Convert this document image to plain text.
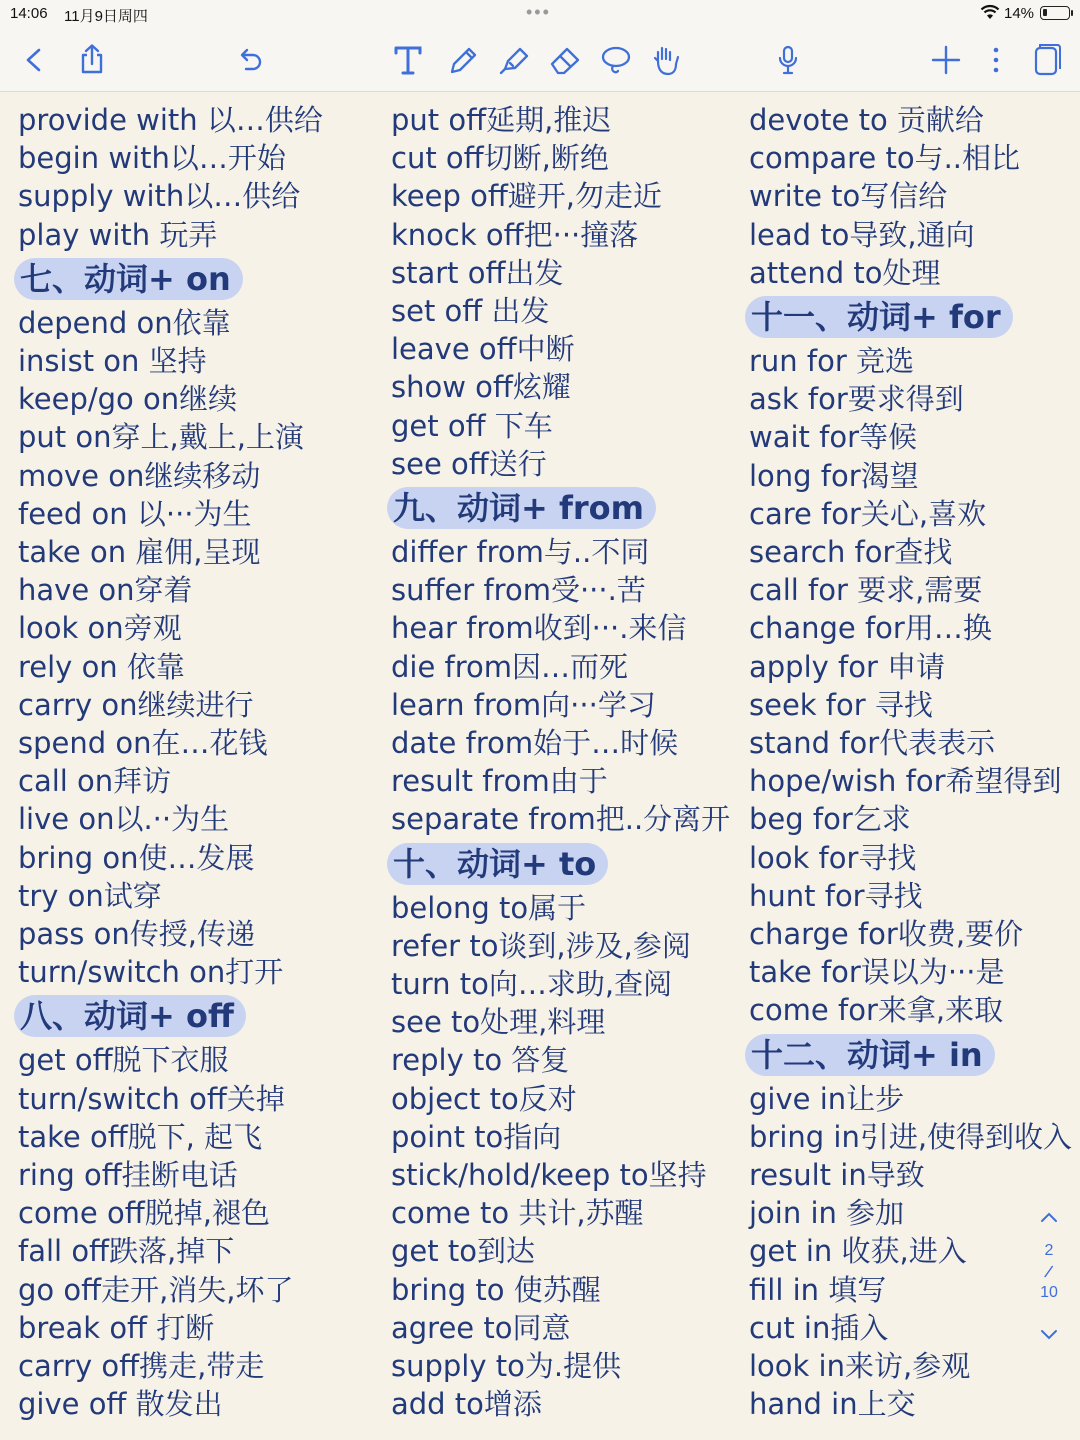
14:06 11月9日周四	•••	14%
provide with 以…供给
begin with以…开始
supply with以…供给
play with 玩弄
七、动词+ on
depend on依靠
insist on 坚持
keep/go on继续
put on穿上,戴上,上演
move on继续移动
feed on 以···为生
take on 雇佣,呈现
have on穿着
look on旁观
rely on 依靠
carry on继续进行
spend on在…花钱
call on拜访
live on以.··为生
bring on使…发展
try on试穿
pass on传授,传递
turn/switch on打开
八、动词+ off
get off脱下衣服
turn/switch off关掉
take off脱下, 起飞
ring off挂断电话
come off脱掉,褪色
fall off跌落,掉下
go off走开,消失,坏了
break off 打断
carry off携走,带走
give off 散发出
put off延期,推迟
cut off切断,断绝
keep off避开,勿走近
knock off把···撞落
start off出发
set off 出发
leave off中断
show off炫耀
get off 下车
see off送行
九、动词+ from
differ from与..不同
suffer from受···.苦
hear from收到···.来信
die from因…而死
learn from向···学习
date from始于…时候
result from由于
separate from把..分离开
十、动词+ to
belong to属于
refer to谈到,涉及,参阅
turn to向…求助,查阅
see to处理,料理
reply to 答复
object to反对
point to指向
stick/hold/keep to坚持
come to 共计,苏醒
get to到达
bring to 使苏醒
agree to同意
supply to为.提供
add to增添
devote to 贡献给
compare to与..相比
write to写信给
lead to导致,通向
attend to处理
十一、动词+ for
run for 竞选
ask for要求得到
wait for等候
long for渴望
care for关心,喜欢
search for查找
call for 要求,需要
change for用…换
apply for 申请
seek for 寻找
stand for代表表示
hope/wish for希望得到
beg for乞求
look for寻找
hunt for寻找
charge for收费,要价
take for误以为···是
come for来拿,来取
十二、动词+ in
give in让步
bring in引进,使得到收入
result in导致
join in 参加
get in 收获,进入
fill in 填写
cut in插入
look in来访,参观
hand in上交
2
/
10
